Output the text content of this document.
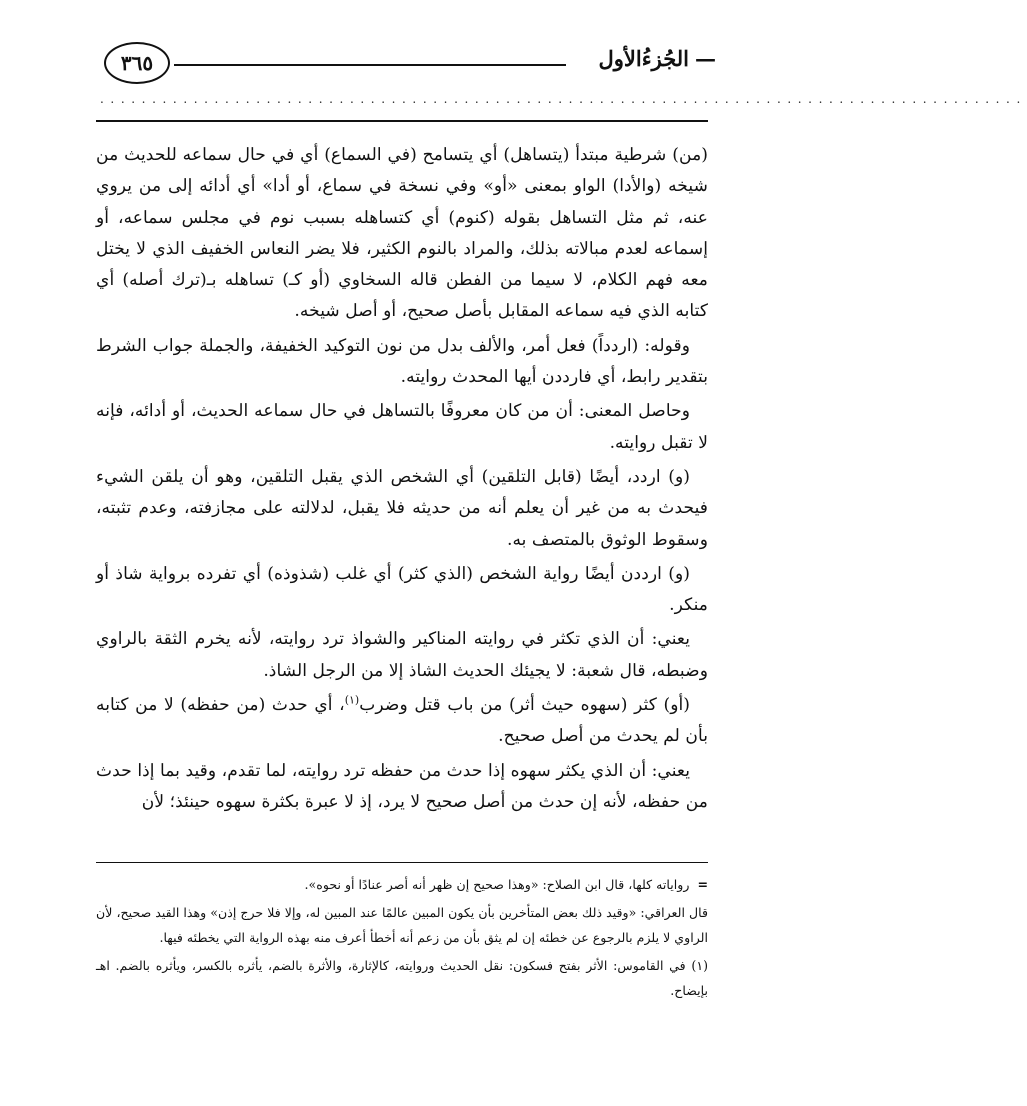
—الجُزءُالأول
٣٦٥
.........................................................................................

(من) شرطية مبتدأ (يتساهل) أي يتسامح (في السماع) أي في حال سماعه للحديث من شيخه (والأدا) الواو بمعنى «أو» وفي نسخة في سماع، أو أدا» أي أدائه إلى من يروي عنه، ثم مثل التساهل بقوله (كنوم) أي كتساهله بسبب نوم في مجلس سماعه، أو إسماعه لعدم مبالاته بذلك، والمراد بالنوم الكثير، فلا يضر النعاس الخفيف الذي لا يختل معه فهم الكلام، لا سيما من الفطن قاله السخاوي (أو كـ) تساهله بـ(ترك أصله) أي كتابه الذي فيه سماعه المقابل بأصل صحيح، أو أصل شيخه.

وقوله: (اردداً) فعل أمر، والألف بدل من نون التوكيد الخفيفة، والجملة جواب الشرط بتقدير رابط، أي فارددن أيها المحدث روايته.

وحاصل المعنى: أن من كان معروفًا بالتساهل في حال سماعه الحديث، أو أدائه، فإنه لا تقبل روايته.

(و) اردد، أيضًا (قابل التلقين) أي الشخص الذي يقبل التلقين، وهو أن يلقن الشيء فيحدث به من غير أن يعلم أنه من حديثه فلا يقبل، لدلالته على مجازفته، وعدم تثبته، وسقوط الوثوق بالمتصف به.

(و) ارددن أيضًا رواية الشخص (الذي كثر) أي غلب (شذوذه) أي تفرده برواية شاذ أو منكر.

يعني: أن الذي تكثر في روايته المناكير والشواذ ترد روايته، لأنه يخرم الثقة بالراوي وضبطه، قال شعبة: لا يجيئك الحديث الشاذ إلا من الرجل الشاذ.

(أو) كثر (سهوه حيث أثر) من باب قتل وضرب$^{(١)}$، أي حدث (من حفظه) لا من كتابه بأن لم يحدث من أصل صحيح.

يعني: أن الذي يكثر سهوه إذا حدث من حفظه ترد روايته، لما تقدم، وقيد بما إذا حدث من حفظه، لأنه إن حدث من أصل صحيح لا يرد، إذ لا عبرة بكثرة سهوه حينئذ؛ لأن

=رواياته كلها، قال ابن الصلاح: «وهذا صحيح إن ظهر أنه أصر عنادًا أو نحوه».

قال العراقي: «وقيد ذلك بعض المتأخرين بأن يكون المبين عالمًا عند المبين له، وإلا فلا حرج إذن» وهذا القيد صحيح، لأن الراوي لا يلزم بالرجوع عن خطئه إن لم يثق بأن من زعم أنه أخطأ أعرف منه بهذه الرواية التي يخطئه فيها.

(١) في القاموس: الأثر بفتح فسكون: نقل الحديث وروايته، كالإثارة، والأثرة بالضم، يأثره بالكسر، ويأثره بالضم. اهـ بإيضاح.
